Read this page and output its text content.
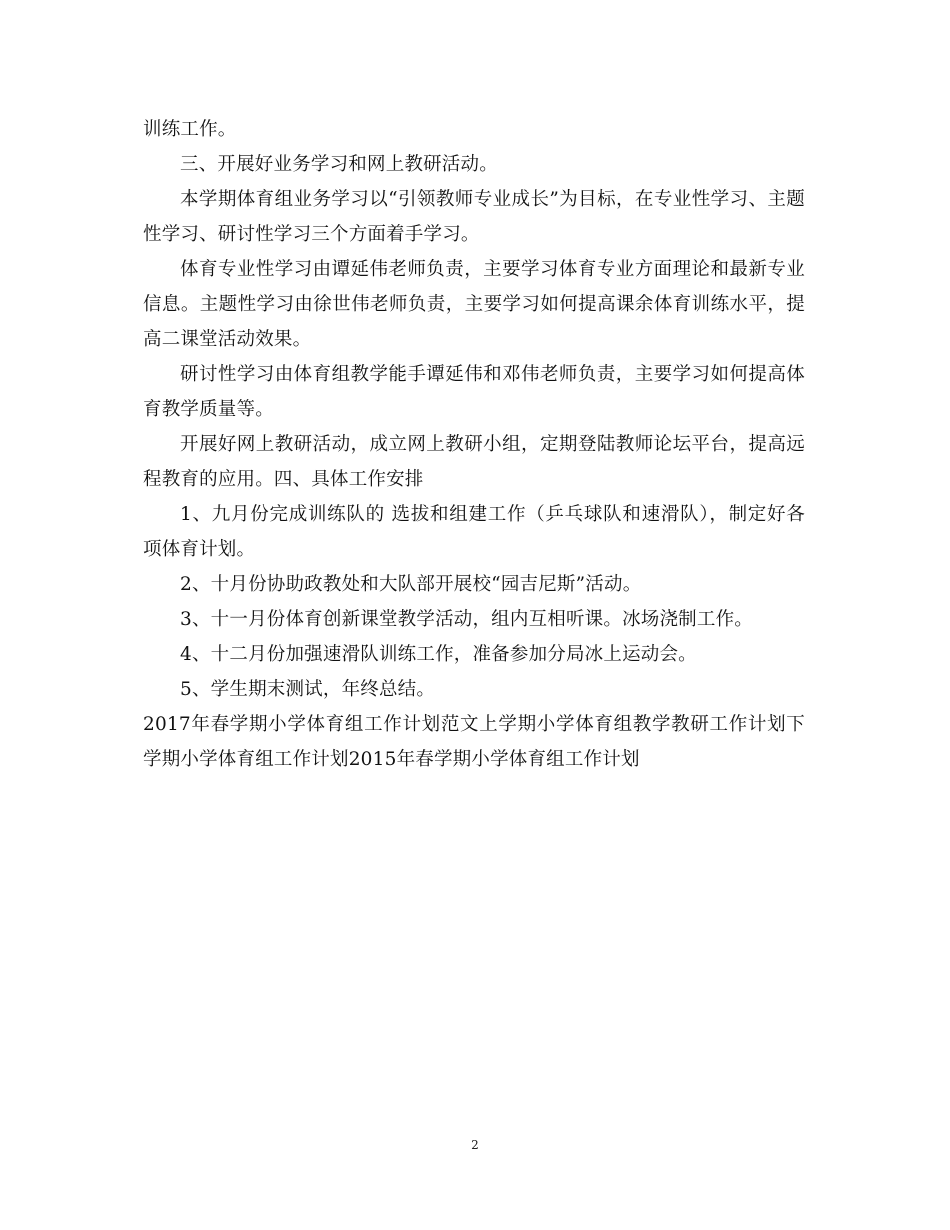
训练工作。

三、开展好业务学习和网上教研活动。

本学期体育组业务学习以“引领教师专业成长”为目标，在专业性学习、主题性学习、研讨性学习三个方面着手学习。

体育专业性学习由谭延伟老师负责，主要学习体育专业方面理论和最新专业信息。主题性学习由徐世伟老师负责，主要学习如何提高课余体育训练水平，提高二课堂活动效果。

研讨性学习由体育组教学能手谭延伟和邓伟老师负责，主要学习如何提高体育教学质量等。

开展好网上教研活动，成立网上教研小组，定期登陆教师论坛平台，提高远程教育的应用。四、具体工作安排

1、九月份完成训练队的 选拔和组建工作（乒乓球队和速滑队），制定好各项体育计划。

2、十月份协助政教处和大队部开展校“园吉尼斯”活动。

3、十一月份体育创新课堂教学活动，组内互相听课。冰场浇制工作。

4、十二月份加强速滑队训练工作，准备参加分局冰上运动会。

5、学生期末测试，年终总结。

2017年春学期小学体育组工作计划范文上学期小学体育组教学教研工作计划下学期小学体育组工作计划2015年春学期小学体育组工作计划

2
